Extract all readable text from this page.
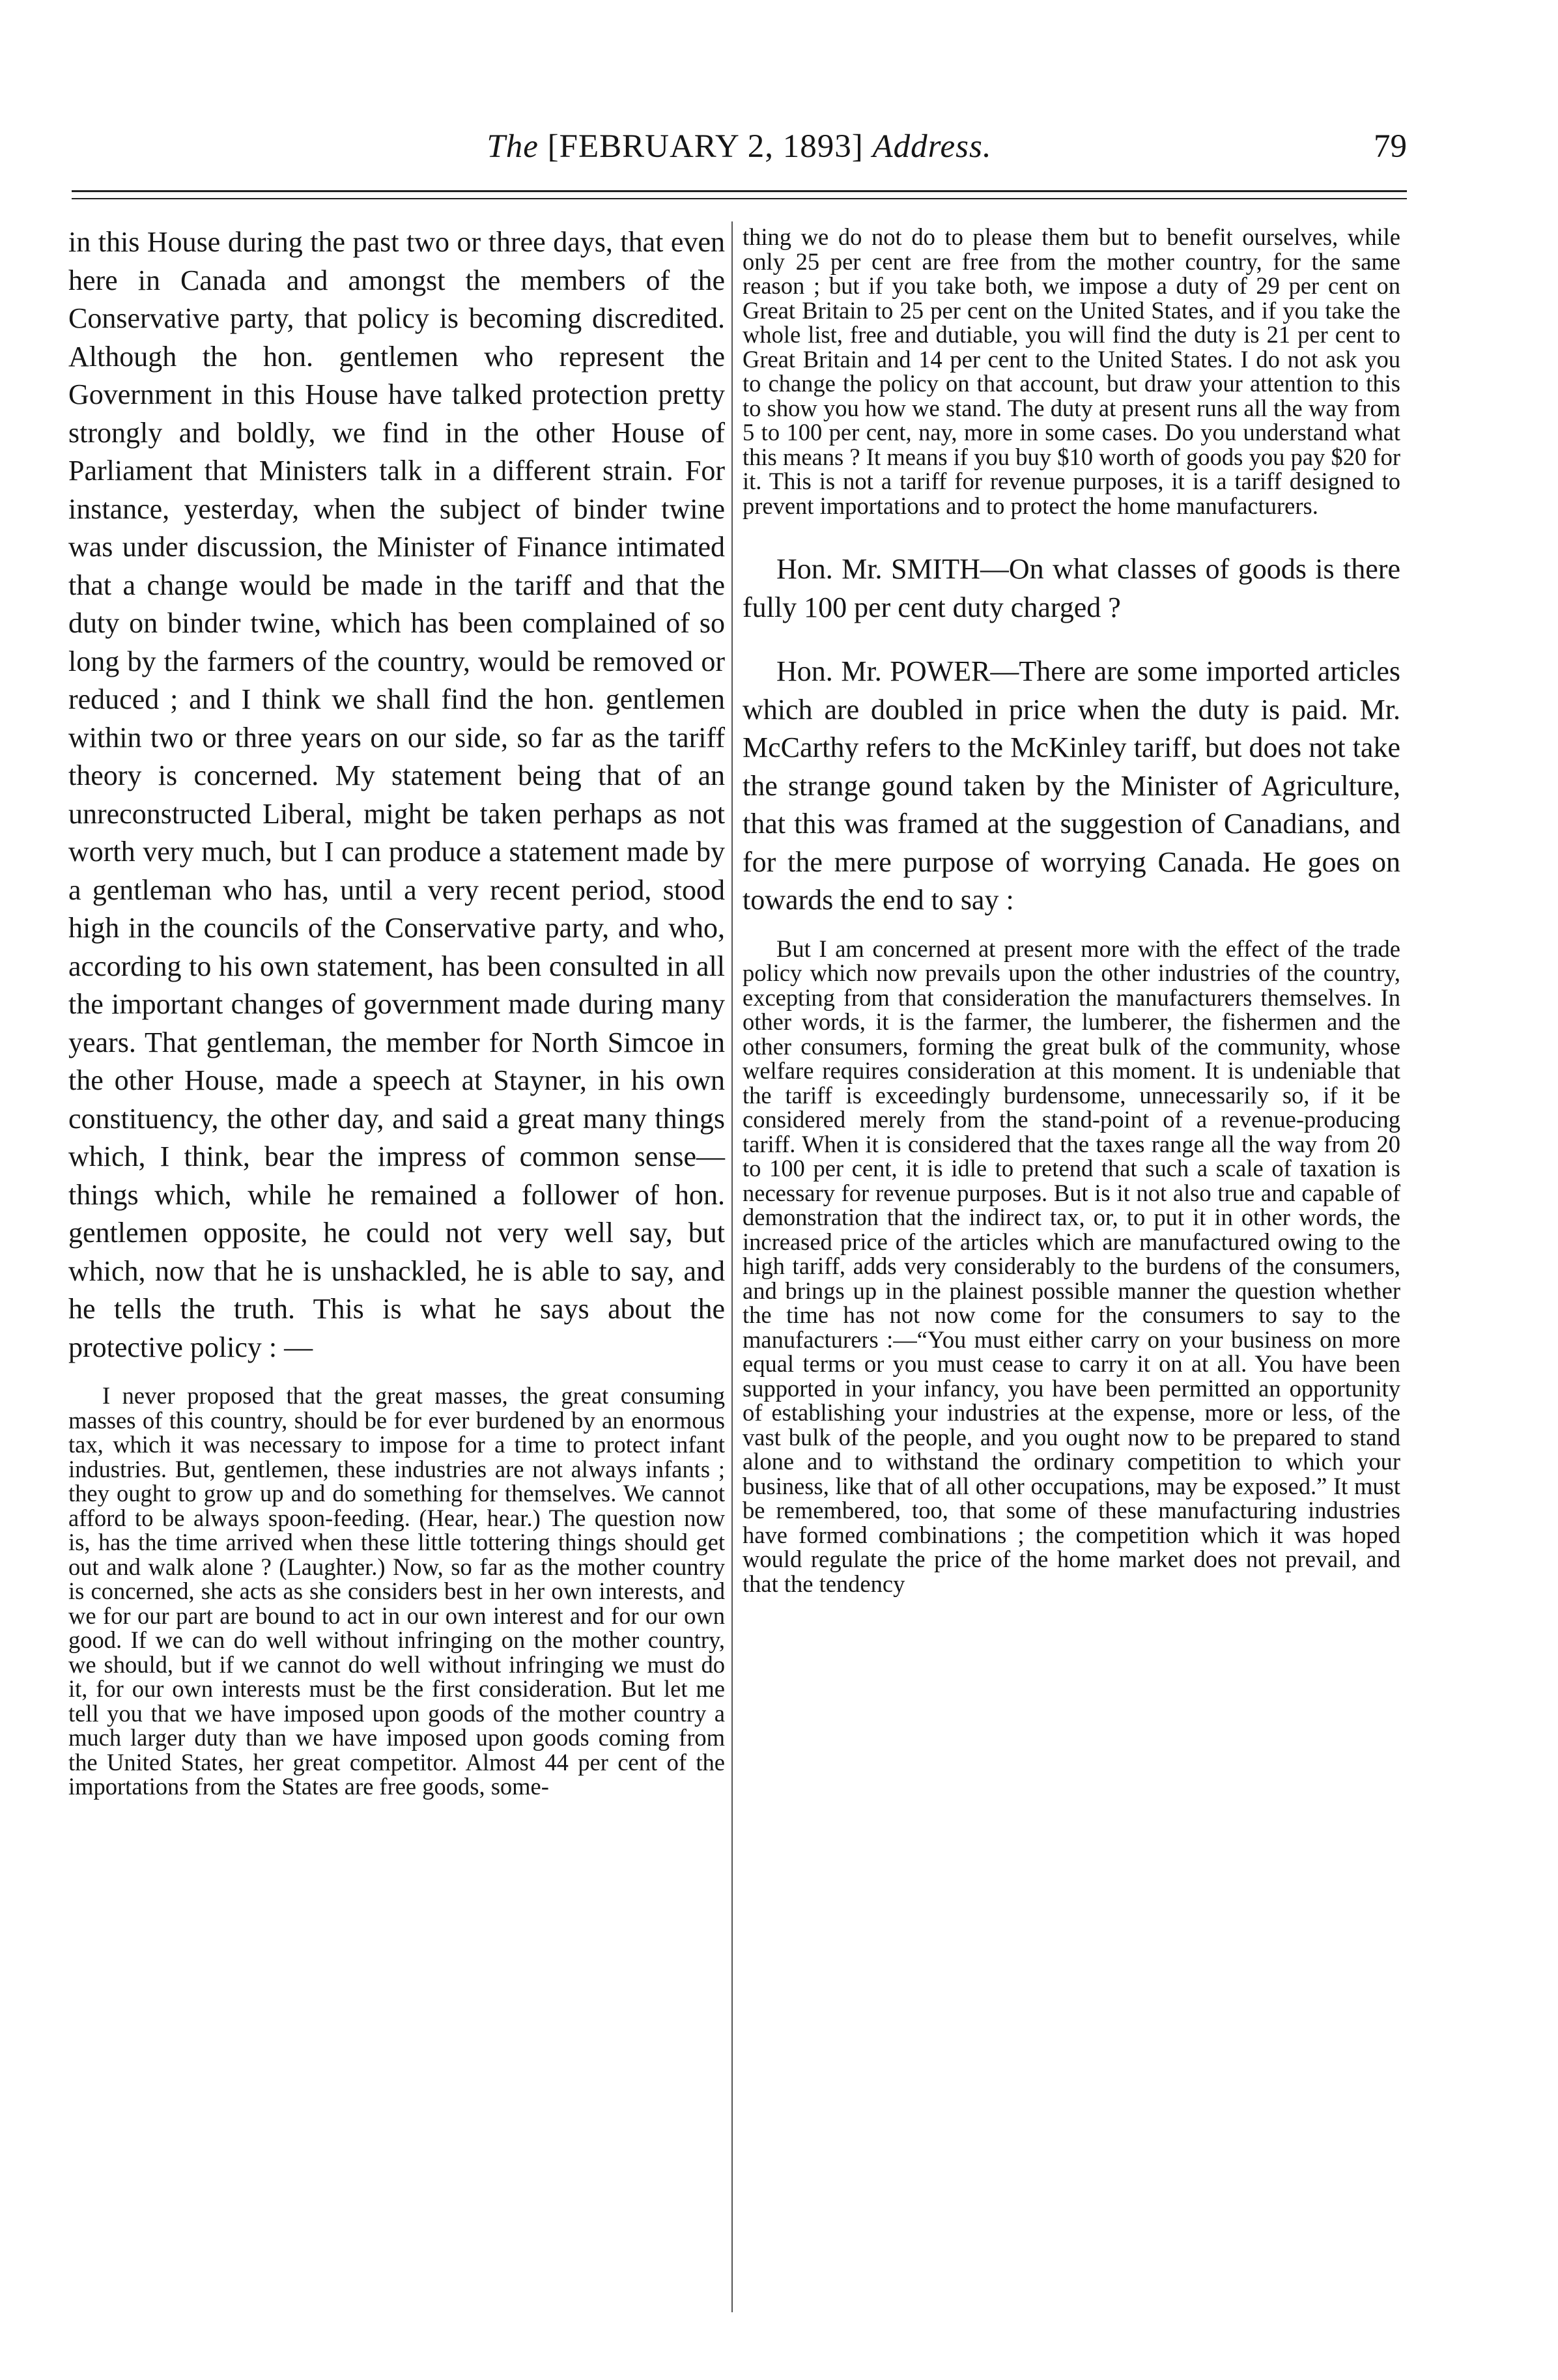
The [FEBRUARY 2, 1893] Address.	79

in this House during the past two or three days, that even here in Canada and amongst the members of the Conservative party, that policy is becoming discredited. Although the hon. gentlemen who represent the Government in this House have talked protection pretty strongly and boldly, we find in the other House of Parliament that Ministers talk in a different strain. For instance, yesterday, when the subject of binder twine was under discussion, the Minister of Finance intimated that a change would be made in the tariff and that the duty on binder twine, which has been complained of so long by the farmers of the country, would be removed or reduced ; and I think we shall find the hon. gentlemen within two or three years on our side, so far as the tariff theory is concerned. My statement being that of an unreconstructed Liberal, might be taken perhaps as not worth very much, but I can produce a statement made by a gentleman who has, until a very recent period, stood high in the councils of the Conservative party, and who, according to his own statement, has been consulted in all the important changes of government made during many years. That gentleman, the member for North Simcoe in the other House, made a speech at Stayner, in his own constituency, the other day, and said a great many things which, I think, bear the impress of common sense—things which, while he remained a follower of hon. gentlemen opposite, he could not very well say, but which, now that he is unshackled, he is able to say, and he tells the truth. This is what he says about the protective policy : —

I never proposed that the great masses, the great consuming masses of this country, should be for ever burdened by an enormous tax, which it was necessary to impose for a time to protect infant industries. But, gentlemen, these industries are not always infants ; they ought to grow up and do something for themselves. We cannot afford to be always spoon-feeding. (Hear, hear.) The question now is, has the time arrived when these little tottering things should get out and walk alone ? (Laughter.) Now, so far as the mother country is concerned, she acts as she considers best in her own interests, and we for our part are bound to act in our own interest and for our own good. If we can do well without infringing on the mother country, we should, but if we cannot do well without infringing we must do it, for our own interests must be the first consideration. But let me tell you that we have imposed upon goods of the mother country a much larger duty than we have imposed upon goods coming from the United States, her great competitor. Almost 44 per cent of the importations from the States are free goods, some-

thing we do not do to please them but to benefit ourselves, while only 25 per cent are free from the mother country, for the same reason ; but if you take both, we impose a duty of 29 per cent on Great Britain to 25 per cent on the United States, and if you take the whole list, free and dutiable, you will find the duty is 21 per cent to Great Britain and 14 per cent to the United States. I do not ask you to change the policy on that account, but draw your attention to this to show you how we stand. The duty at present runs all the way from 5 to 100 per cent, nay, more in some cases. Do you understand what this means ? It means if you buy $10 worth of goods you pay $20 for it. This is not a tariff for revenue purposes, it is a tariff designed to prevent importations and to protect the home manufacturers.

Hon. Mr. SMITH—On what classes of goods is there fully 100 per cent duty charged ?

Hon. Mr. POWER—There are some imported articles which are doubled in price when the duty is paid. Mr. McCarthy refers to the McKinley tariff, but does not take the strange gound taken by the Minister of Agriculture, that this was framed at the suggestion of Canadians, and for the mere purpose of worrying Canada. He goes on towards the end to say :

But I am concerned at present more with the effect of the trade policy which now prevails upon the other industries of the country, excepting from that consideration the manufacturers themselves. In other words, it is the farmer, the lumberer, the fishermen and the other consumers, forming the great bulk of the community, whose welfare requires consideration at this moment. It is undeniable that the tariff is exceedingly burdensome, unnecessarily so, if it be considered merely from the stand-point of a revenue-producing tariff. When it is considered that the taxes range all the way from 20 to 100 per cent, it is idle to pretend that such a scale of taxation is necessary for revenue purposes. But is it not also true and capable of demonstration that the indirect tax, or, to put it in other words, the increased price of the articles which are manufactured owing to the high tariff, adds very considerably to the burdens of the consumers, and brings up in the plainest possible manner the question whether the time has not now come for the consumers to say to the manufacturers :—“You must either carry on your business on more equal terms or you must cease to carry it on at all. You have been supported in your infancy, you have been permitted an opportunity of establishing your industries at the expense, more or less, of the vast bulk of the people, and you ought now to be prepared to stand alone and to withstand the ordinary competition to which your business, like that of all other occupations, may be exposed.” It must be remembered, too, that some of these manufacturing industries have formed combinations ; the competition which it was hoped would regulate the price of the home market does not prevail, and that the tendency
